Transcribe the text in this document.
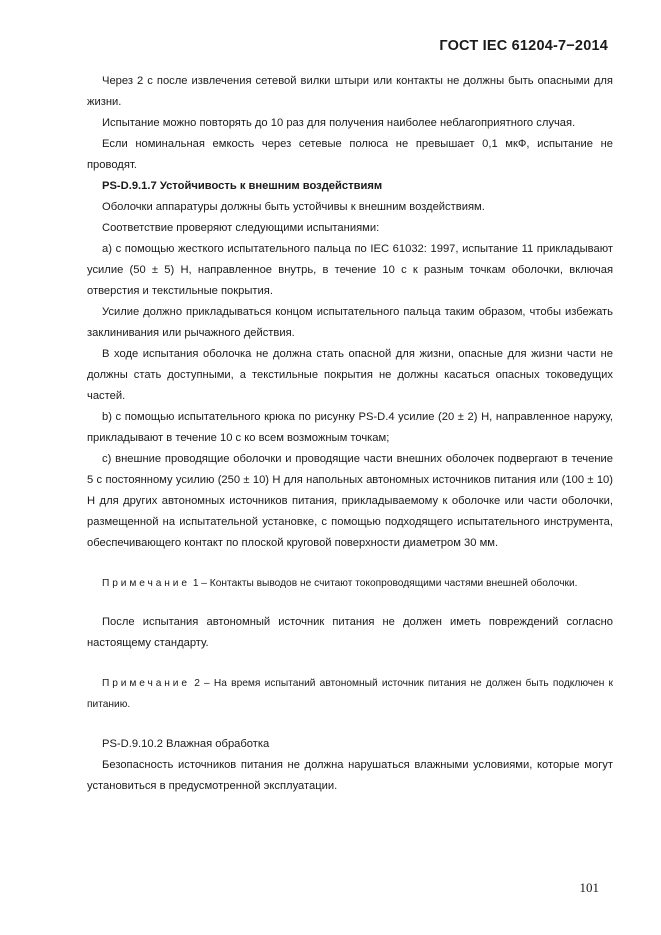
ГОСТ IEC 61204-7−2014

Через 2 с после извлечения сетевой вилки штыри или контакты не должны быть опасными для жизни.

Испытание можно повторять до 10 раз для получения наиболее неблагоприятного случая.

Если номинальная емкость через сетевые полюса не превышает 0,1 мкФ, испытание не проводят.

PS-D.9.1.7 Устойчивость к внешним воздействиям

Оболочки аппаратуры должны быть устойчивы к внешним воздействиям.

Соответствие проверяют следующими испытаниями:

а) с помощью жесткого испытательного пальца по IEC 61032: 1997, испытание 11 прикладывают усилие (50 ± 5) Н, направленное внутрь, в течение 10 с к разным точкам оболочки, включая отверстия и текстильные покрытия.

Усилие должно прикладываться концом испытательного пальца таким образом, чтобы избежать заклинивания или рычажного действия.

В ходе испытания оболочка не должна стать опасной для жизни, опасные для жизни части не должны стать доступными, а текстильные покрытия не должны касаться опасных токоведущих частей.

b) с помощью испытательного крюка по рисунку PS-D.4 усилие (20 ± 2) Н, направленное наружу, прикладывают в течение 10 с ко всем возможным точкам;

с) внешние проводящие оболочки и проводящие части внешних оболочек подвергают в течение 5 с постоянному усилию (250 ± 10) Н для напольных автономных источников питания или (100 ± 10) Н для других автономных источников питания, прикладываемому к оболочке или части оболочки, размещенной на испытательной установке, с помощью подходящего испытательного инструмента, обеспечивающего контакт по плоской круговой поверхности диаметром 30 мм.

Примечание 1 – Контакты выводов не считают токопроводящими частями внешней оболочки.

После испытания автономный источник питания не должен иметь повреждений согласно настоящему стандарту.

Примечание 2 – На время испытаний автономный источник питания не должен быть подключен к питанию.

PS-D.9.10.2 Влажная обработка

Безопасность источников питания не должна нарушаться влажными условиями, которые могут установиться в предусмотренной эксплуатации.

101
